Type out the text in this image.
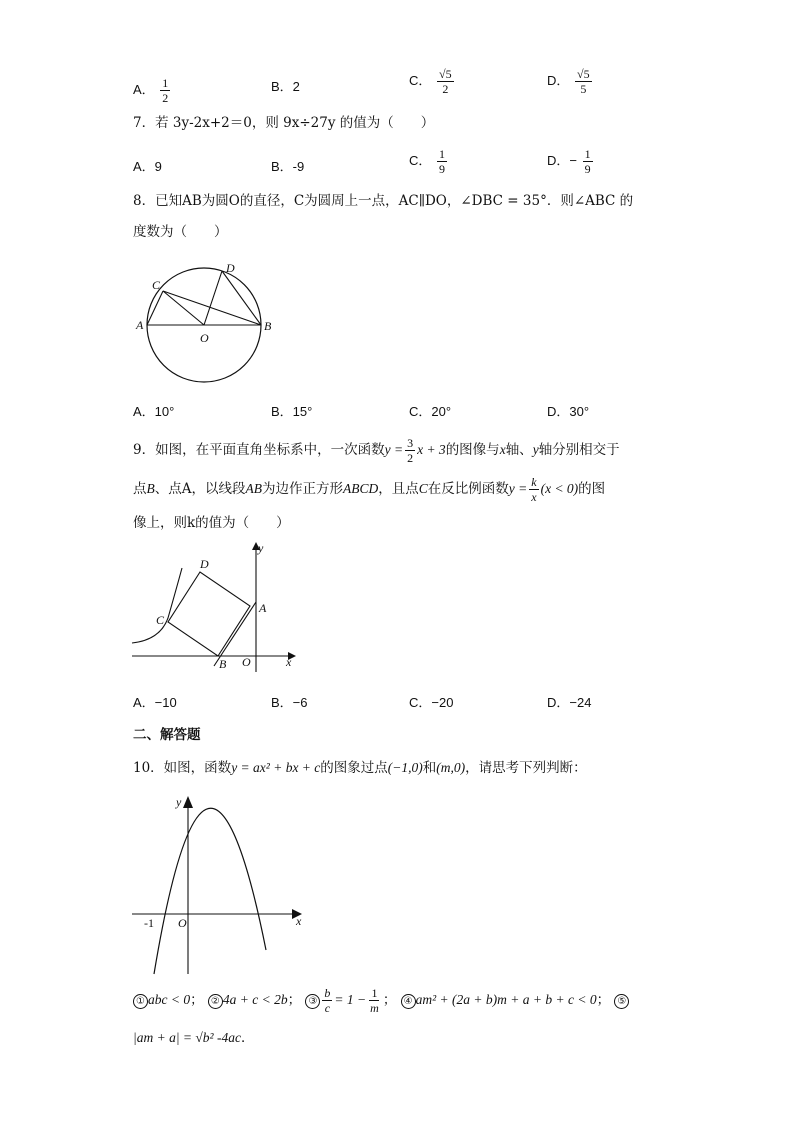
A． $\frac{1}{2}$	B．2	C． $\frac{√5}{2}$	D． $\frac{√5}{5}$
7．若 3y-2x+2＝0，则 9x÷27y 的值为（　　）
A．9	B．-9	C． $\frac{1}{9}$	D．− $\frac{1}{9}$
8．已知AB为圆O的直径，C为圆周上一点，AC∥DO，∠DBC = 35°．则∠ABC 的
度数为（　　）
C
D
A
O
B
A．10°	B．15°	C．20°	D．30°
9．如图，在平面直角坐标系中，一次函数$y = \frac{3}{2}$ x + 3的图像与x轴、y轴分别相交于
点B、点A，以线段AB为边作正方形ABCD，且点C在反比例函数$y = \frac{k}{x} (x < 0)$的图
像上，则k的值为（　　）
D
y
C
A
B O	x
A．−10	B．−6	C．−20	D．−24
二、解答题
10．如图，函数y = ax² + bx + c的图象过点(−1,0)和(m,0)，请思考下列判断：
y
x
-1 O
① abc < 0； ② 4a + c < 2b； ③ $\frac{b}{c} = 1 - \frac{1}{m}$ ； ④ am² + (2a + b)m + a + b + c < 0； ⑤
|am + a| = √b² -4ac．
